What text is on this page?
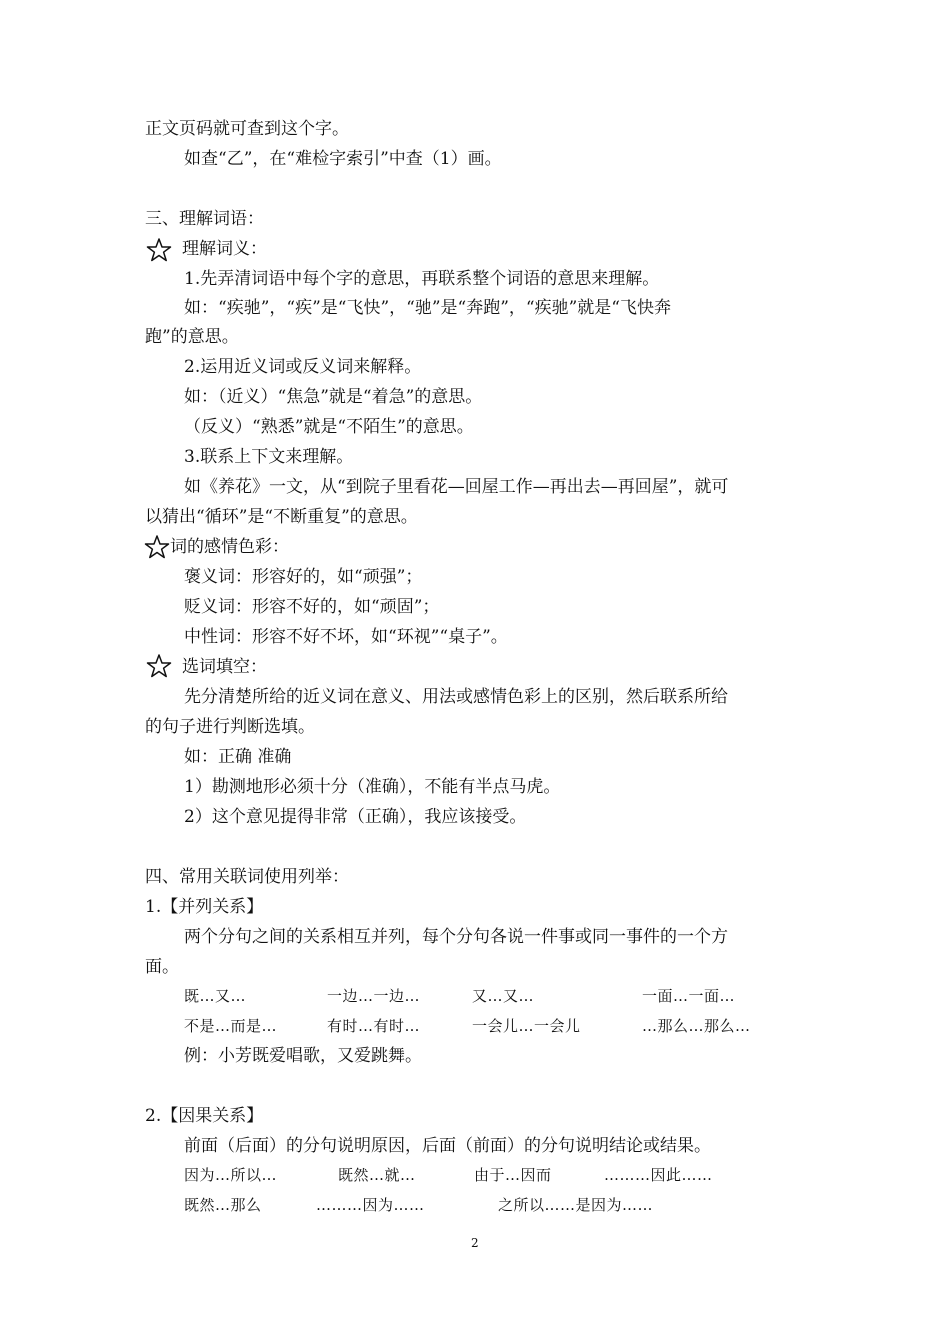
正文页码就可查到这个字。
如查“乙”，在“难检字索引”中查（1）画。
三、理解词语：
理解词义：
1.先弄清词语中每个字的意思，再联系整个词语的意思来理解。
如：“疾驰”，“疾”是“飞快”，“驰”是“奔跑”，“疾驰”就是“飞快奔
跑”的意思。
2.运用近义词或反义词来解释。
如：（近义）“焦急”就是“着急”的意思。
（反义）“熟悉”就是“不陌生”的意思。
3.联系上下文来理解。
如《养花》一文，从“到院子里看花—回屋工作—再出去—再回屋”，就可
以猜出“循环”是“不断重复”的意思。
词的感情色彩：
褒义词：形容好的，如“顽强”；
贬义词：形容不好的，如“顽固”；
中性词：形容不好不坏，如“环视”“桌子”。
选词填空：
先分清楚所给的近义词在意义、用法或感情色彩上的区别，然后联系所给
的句子进行判断选填。
如：正确 准确
1）勘测地形必须十分（准确），不能有半点马虎。
2）这个意见提得非常（正确），我应该接受。
四、常用关联词使用列举：
1.【并列关系】
两个分句之间的关系相互并列，每个分句各说一件事或同一事件的一个方
面。
既…又…	一边…一边…	又…又…	一面…一面…
不是…而是…	有时…有时…	一会儿…一会儿	…那么…那么…
例：小芳既爱唱歌，又爱跳舞。
2.【因果关系】
前面（后面）的分句说明原因，后面（前面）的分句说明结论或结果。
因为…所以…	既然…就…	由于…因而	………因此……
既然…那么	………因为……	之所以……是因为……
2
